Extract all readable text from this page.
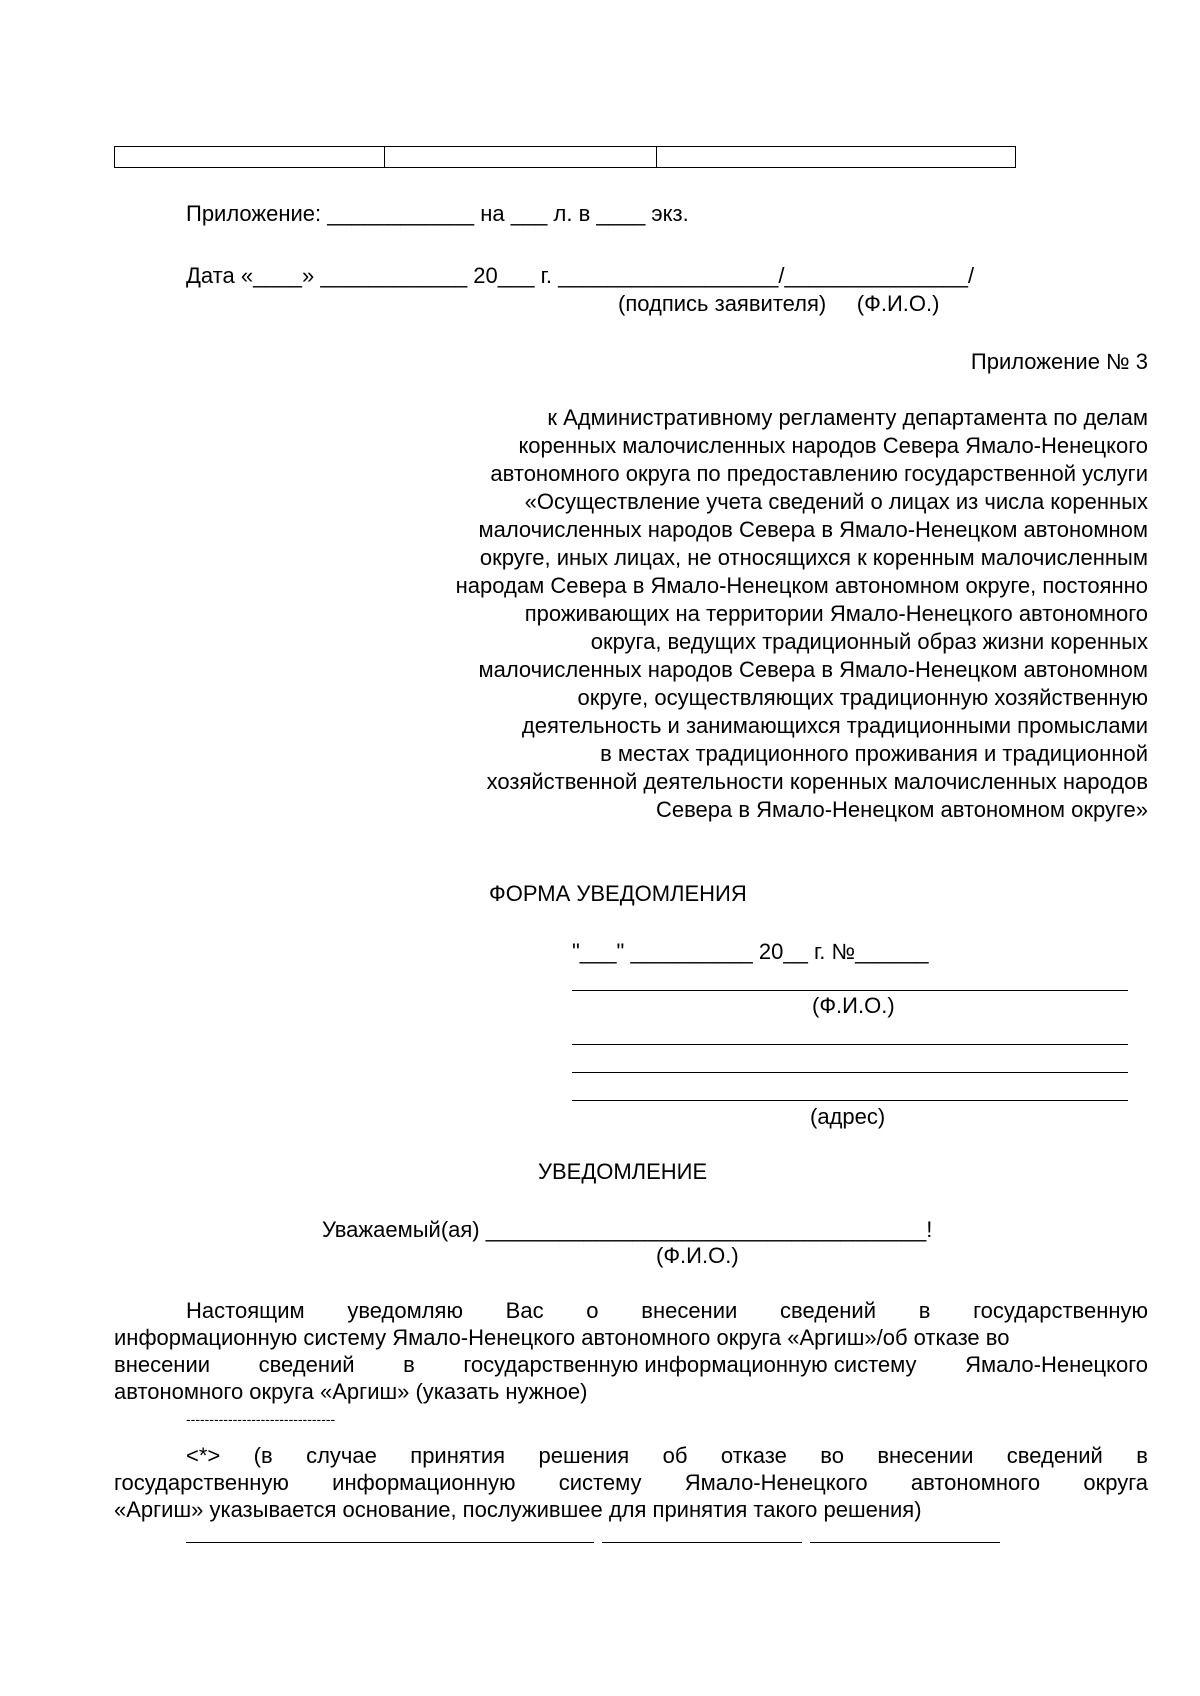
Приложение: ____________ на ___ л. в ____ экз.
Дата «____» ____________ 20___ г. __________________/_______________/
(подпись заявителя)     (Ф.И.О.)
Приложение № 3
к Административному регламенту департамента по делам
коренных малочисленных народов Севера Ямало-Ненецкого
автономного округа по предоставлению государственной услуги
«Осуществление учета сведений о лицах из числа коренных
малочисленных народов Севера в Ямало-Ненецком автономном
округе, иных лицах, не относящихся к коренным малочисленным
народам Севера в Ямало-Ненецком автономном округе, постоянно
проживающих на территории Ямало-Ненецкого автономного
округа, ведущих традиционный образ жизни коренных
малочисленных народов Севера в Ямало-Ненецком автономном
округе, осуществляющих традиционную хозяйственную
деятельность и занимающихся традиционными промыслами
в местах традиционного проживания и традиционной
хозяйственной деятельности коренных малочисленных народов
Севера в Ямало-Ненецком автономном округе»
ФОРМА УВЕДОМЛЕНИЯ
"___" __________ 20__ г. №______
(Ф.И.О.)
(адрес)
УВЕДОМЛЕНИЕ
Уважаемый(ая) ____________________________________!
(Ф.И.О.)
Настоящим уведомляю Вас о внесении сведений в государственную
информационную систему Ямало-Ненецкого автономного округа «Аргиш»/об отказе во
внесении сведений в государственную информационную систему Ямало-Ненецкого
автономного округа «Аргиш» (указать нужное)
--------------------------------
<*> (в случае принятия решения об отказе во внесении сведений в
государственную информационную систему Ямало-Ненецкого автономного округа
«Аргиш» указывается основание, послужившее для принятия такого решения)
